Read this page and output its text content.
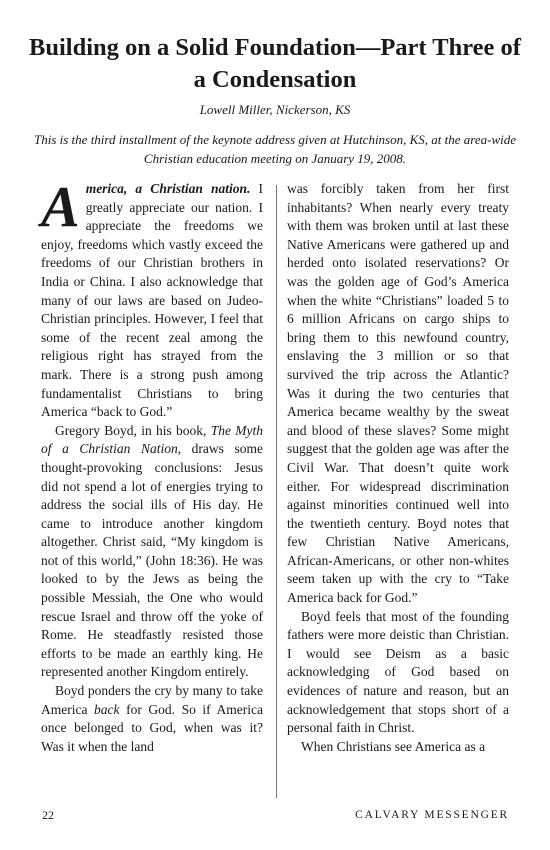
Building on a Solid Foundation—Part Three of a Condensation
Lowell Miller, Nickerson, KS
This is the third installment of the keynote address given at Hutchinson, KS, at the area-wide Christian education meeting on January 19, 2008.

America, a Christian nation. I greatly appreciate our nation. I appreciate the freedoms we enjoy, freedoms which vastly exceed the freedoms of our Christian brothers in India or China. I also acknowledge that many of our laws are based on Judeo-Christian principles. However, I feel that some of the recent zeal among the religious right has strayed from the mark. There is a strong push among fundamentalist Christians to bring America “back to God.”

Gregory Boyd, in his book, The Myth of a Christian Nation, draws some thought-provoking conclusions: Jesus did not spend a lot of energies trying to address the social ills of His day. He came to introduce another kingdom altogether. Christ said, “My kingdom is not of this world,” (John 18:36). He was looked to by the Jews as being the possible Messiah, the One who would rescue Israel and throw off the yoke of Rome. He steadfastly resisted those efforts to be made an earthly king. He represented another Kingdom entirely.

Boyd ponders the cry by many to take America back for God. So if America once belonged to God, when was it? Was it when the land

was forcibly taken from her first inhabitants? When nearly every treaty with them was broken until at last these Native Americans were gathered up and herded onto isolated reservations? Or was the golden age of God’s America when the white “Christians” loaded 5 to 6 million Africans on cargo ships to bring them to this newfound country, enslaving the 3 million or so that survived the trip across the Atlantic? Was it during the two centuries that America became wealthy by the sweat and blood of these slaves? Some might suggest that the golden age was after the Civil War. That doesn’t quite work either. For widespread discrimination against minorities continued well into the twentieth century. Boyd notes that few Christian Native Americans, African-Americans, or other non-whites seem taken up with the cry to “Take America back for God.”

Boyd feels that most of the founding fathers were more deistic than Christian. I would see Deism as a basic acknowledging of God based on evidences of nature and reason, but an acknowledgement that stops short of a personal faith in Christ.

When Christians see America as a

22	CALVARY MESSENGER
